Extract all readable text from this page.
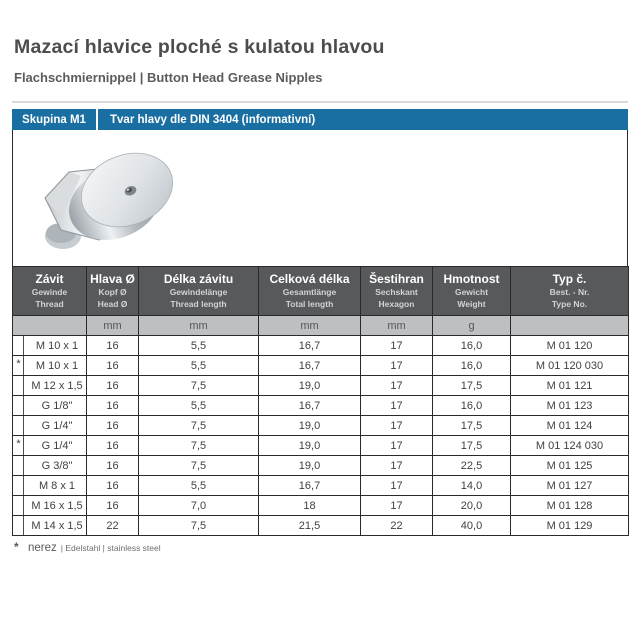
Mazací hlavice ploché s kulatou hlavou
Flachschmiernippel | Button Head Grease Nipples
Skupina M1	Tvar hlavy dle DIN 3404 (informativní)
Závit
Gewinde
Thread	Hlava Ø
Kopf Ø
Head Ø	Délka závitu
Gewindelänge
Thread length	Celková délka
Gesamtlänge
Total length	Šestihran
Sechskant
Hexagon	Hmotnost
Gewicht
Weight	Typ č.
Best. - Nr.
Type No.

	mm	mm	mm	mm	g	

M 10 x 1	16	5,5	16,7	17	16,0	M 01 120

* M 10 x 1	16	5,5	16,7	17	16,0	M 01 120 030

M 12 x 1,5	16	7,5	19,0	17	17,5	M 01 121

G 1/8"	16	5,5	16,7	17	16,0	M 01 123

G 1/4"	16	7,5	19,0	17	17,5	M 01 124

* G 1/4"	16	7,5	19,0	17	17,5	M 01 124 030

G 3/8"	16	7,5	19,0	17	22,5	M 01 125

M 8 x 1	16	5,5	16,7	17	14,0	M 01 127

M 16 x 1,5	16	7,0	18	17	20,0	M 01 128

M 14 x 1,5	22	7,5	21,5	22	40,0	M 01 129
* nerez | Edelstahl | stainless steel
